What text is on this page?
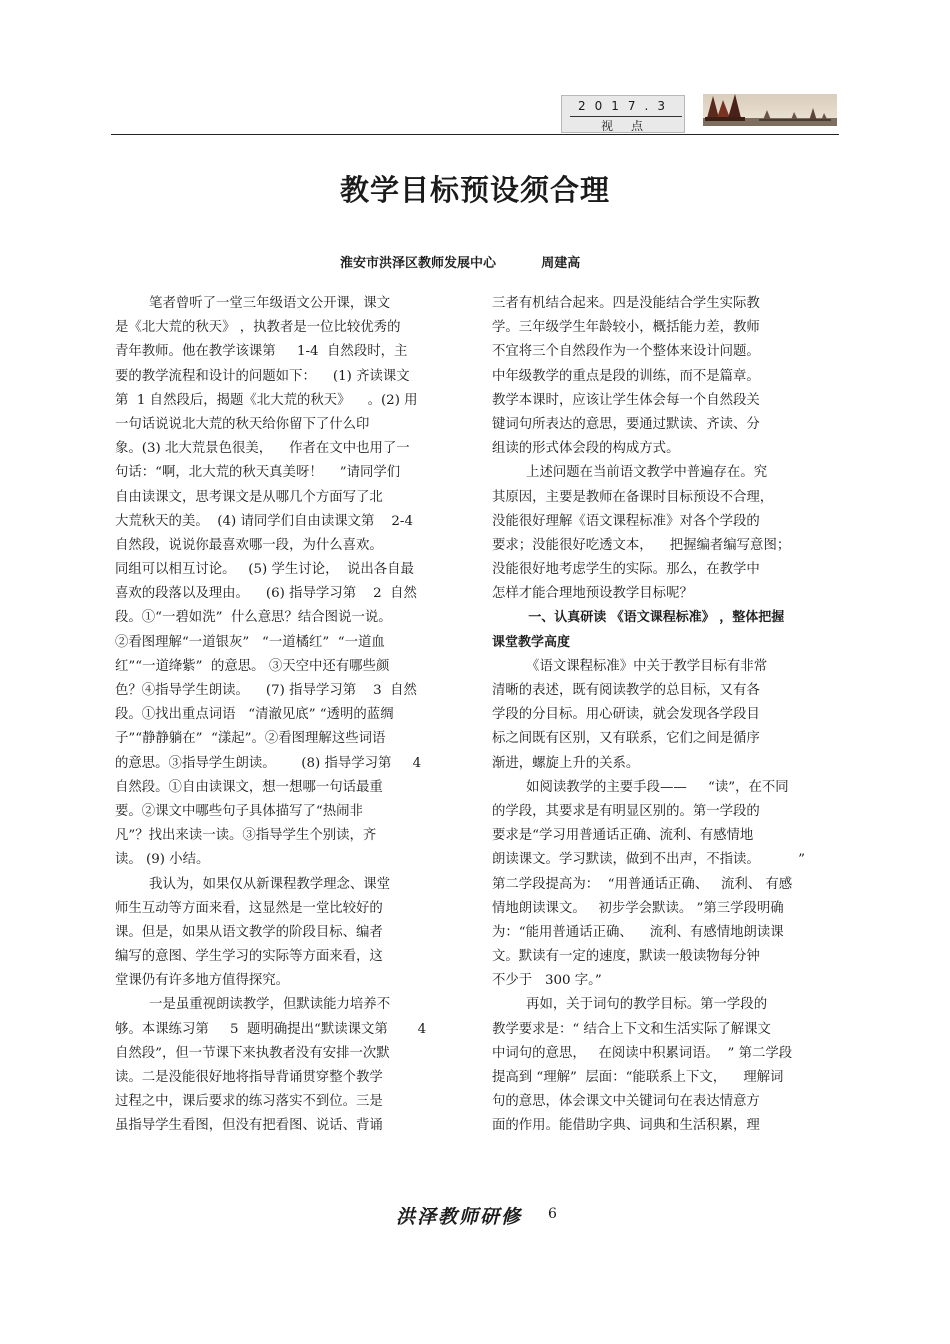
2017.3
视点
教学目标预设须合理
淮安市洪泽区教师发展中心	周建高
笔者曾听了一堂三年级语文公开课，课文
是《北大荒的秋天》 ，执教者是一位比较优秀的
青年教师。他在教学该课第     1-4  自然段时，主
要的教学流程和设计的问题如下：    (1) 齐读课文
第  1 自然段后，揭题《北大荒的秋天》    。(2) 用
一句话说说北大荒的秋天给你留下了什么印
象。(3) 北大荒景色很美，    作者在文中也用了一
句话：“啊，北大荒的秋天真美呀！    ”请同学们
自由读课文，思考课文是从哪几个方面写了北
大荒秋天的美。  (4) 请同学们自由读课文第    2-4
自然段，说说你最喜欢哪一段，为什么喜欢。
同组可以相互讨论。   (5) 学生讨论，  说出各自最
喜欢的段落以及理由。    (6) 指导学习第    2  自然
段。①“一碧如洗”  什么意思？结合图说一说。
②看图理解“一道银灰”   “一道橘红”  “一道血
红”“一道绛紫”  的意思。 ③天空中还有哪些颜
色？④指导学生朗读。    (7) 指导学习第    3  自然
段。①找出重点词语   “清澈见底” “透明的蓝绸
子”“静静躺在”  “漾起”。②看图理解这些词语
的意思。③指导学生朗读。      (8) 指导学习第     4
自然段。①自由读课文，想一想哪一句话最重
要。②课文中哪些句子具体描写了“热闹非
凡”？找出来读一读。③指导学生个别读，齐
读。 (9) 小结。
我认为，如果仅从新课程教学理念、课堂
师生互动等方面来看，这显然是一堂比较好的
课。但是，如果从语文教学的阶段目标、编者
编写的意图、学生学习的实际等方面来看，这
堂课仍有许多地方值得探究。
一是虽重视朗读教学，但默读能力培养不
够。本课练习第     5  题明确提出“默读课文第       4
自然段”，但一节课下来执教者没有安排一次默
读。二是没能很好地将指导背诵贯穿整个教学
过程之中，课后要求的练习落实不到位。三是
虽指导学生看图，但没有把看图、说话、背诵
三者有机结合起来。四是没能结合学生实际教
学。三年级学生年龄较小，概括能力差，教师
不宜将三个自然段作为一个整体来设计问题。
中年级教学的重点是段的训练，而不是篇章。
教学本课时，应该让学生体会每一个自然段关
键词句所表达的意思，要通过默读、齐读、分
组读的形式体会段的构成方式。
上述问题在当前语文教学中普遍存在。究
其原因，主要是教师在备课时目标预设不合理，
没能很好理解《语文课程标准》对各个学段的
要求；没能很好吃透文本，    把握编者编写意图；
没能很好地考虑学生的实际。那么，在教学中
怎样才能合理地预设教学目标呢？
一、认真研读 《语文课程标准》 ，整体把握
课堂教学高度
《语文课程标准》中关于教学目标有非常
清晰的表述，既有阅读教学的总目标，又有各
学段的分目标。用心研读，就会发现各学段目
标之间既有区别，又有联系，它们之间是循序
渐进，螺旋上升的关系。
如阅读教学的主要手段——     “读”，在不同
的学段，其要求是有明显区别的。第一学段的
要求是“学习用普通话正确、流利、有感情地
朗读课文。学习默读，做到不出声，不指读。         ”
第二学段提高为：  “用普通话正确、   流利、 有感
情地朗读课文。   初步学会默读。 ”第三学段明确
为：“能用普通话正确、    流利、有感情地朗读课
文。默读有一定的速度，默读一般读物每分钟
不少于   300 字。”
再如，关于词句的教学目标。第一学段的
教学要求是：“ 结合上下文和生活实际了解课文
中词句的意思，   在阅读中积累词语。  ” 第二学段
提高到 “理解”  层面：“能联系上下文，    理解词
句的意思，体会课文中关键词句在表达情意方
面的作用。能借助字典、词典和生活积累，理
洪泽教师研修 6
